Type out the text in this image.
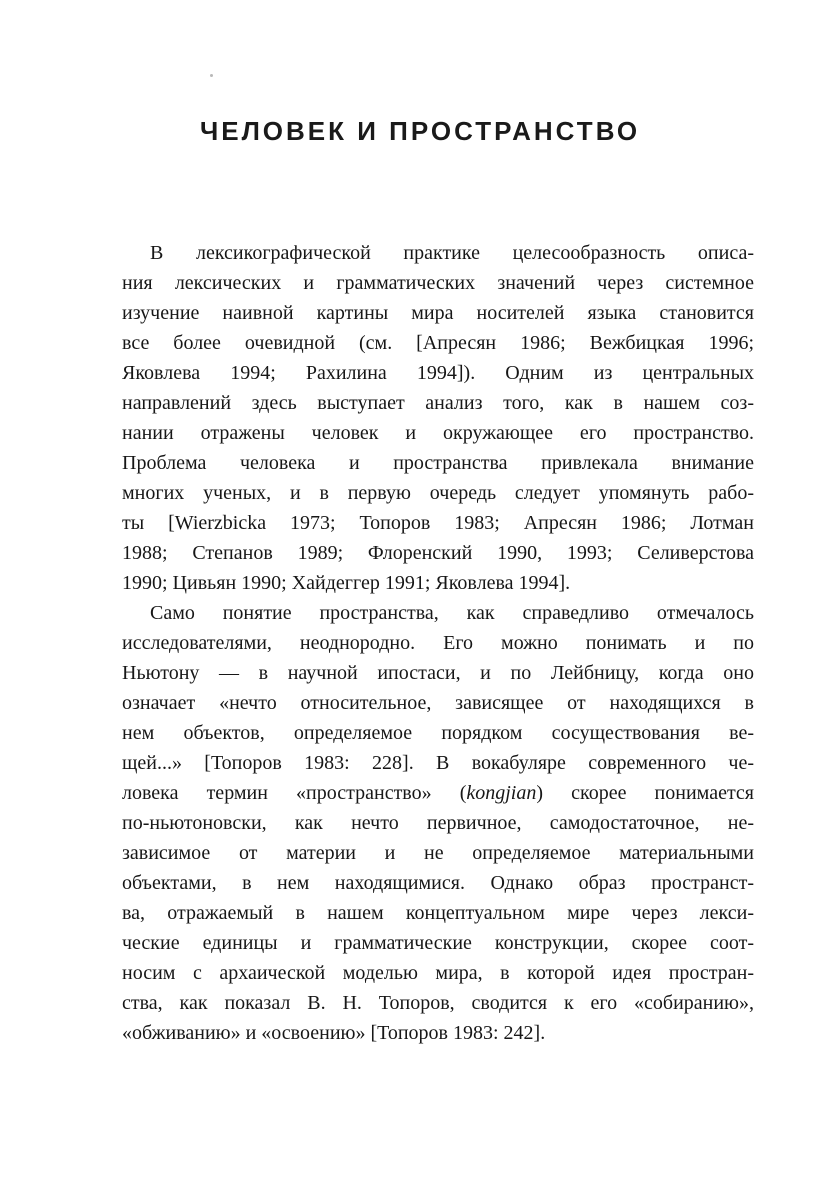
ЧЕЛОВЕК И ПРОСТРАНСТВО
В лексикографической практике целесообразность описа-
ния лексических и грамматических значений через системное
изучение наивной картины мира носителей языка становится
все более очевидной (см. [Апресян 1986; Вежбицкая 1996;
Яковлева 1994; Рахилина 1994]). Одним из центральных
направлений здесь выступает анализ того, как в нашем соз-
нании отражены человек и окружающее его пространство.
Проблема человека и пространства привлекала внимание
многих ученых, и в первую очередь следует упомянуть рабо-
ты [Wierzbicka 1973; Топоров 1983; Апресян 1986; Лотман
1988; Степанов 1989; Флоренский 1990, 1993; Селиверстова
1990; Цивьян 1990; Хайдеггер 1991; Яковлева 1994].
Само понятие пространства, как справедливо отмечалось
исследователями, неоднородно. Его можно понимать и по
Ньютону — в научной ипостаси, и по Лейбницу, когда оно
означает «нечто относительное, зависящее от находящихся в
нем объектов, определяемое порядком сосуществования ве-
щей...» [Топоров 1983: 228]. В вокабуляре современного че-
ловека термин «пространство» (kongjian) скорее понимается
по-ньютоновски, как нечто первичное, самодостаточное, не-
зависимое от материи и не определяемое материальными
объектами, в нем находящимися. Однако образ пространст-
ва, отражаемый в нашем концептуальном мире через лекси-
ческие единицы и грамматические конструкции, скорее соот-
носим с архаической моделью мира, в которой идея простран-
ства, как показал В. Н. Топоров, сводится к его «собиранию»,
«обживанию» и «освоению» [Топоров 1983: 242].
